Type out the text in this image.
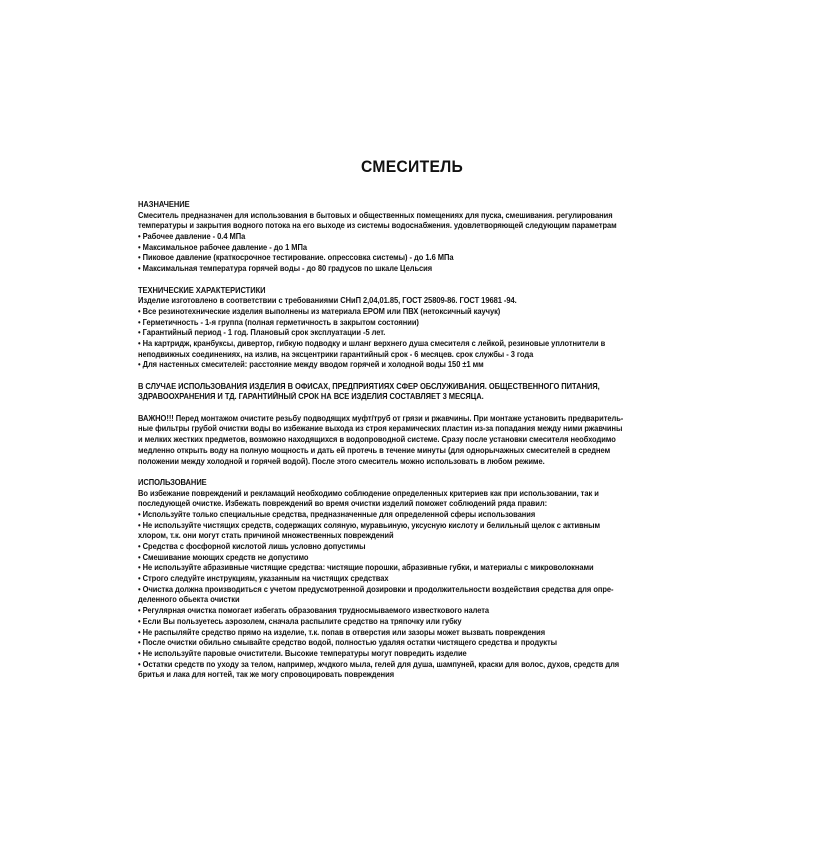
СМЕСИТЕЛЬ
НАЗНАЧЕНИЕ
Смеситель предназначен для использования в бытовых и общественных помещениях для пуска, смешивания. регулирования
температуры и закрытия водного потока на его выходе из системы водоснабжения. удовлетворяющей следующим параметрам
• Рабочее давление - 0.4 МПа
• Максимальное рабочее давление - до 1 МПа
• Пиковое давление (краткосрочное тестирование. опрессовка системы) - до 1.6 МПа
• Максимальная температура горячей воды - до 80 градусов по шкале Цельсия
ТЕХНИЧЕСКИЕ ХАРАКТЕРИСТИКИ
Изделие изготовлено в соответствии с требованиями СНиП 2,04,01.85, ГОСТ 25809-86. ГОСТ 19681 -94.
• Все резинотехнические изделия выполнены из материала EPOM или ПВХ (нетоксичный каучук)
• Герметичность - 1-я группа (полная герметичность в закрытом состоянии)
• Гарантийный период - 1 год. Плановый срок эксплуатации -5 лет.
• На картридж, кранбуксы, дивертор, гибкую подводку и шланг верхнего душа смесителя с лейкой, резиновые уплотнители в
неподвижных соединениях, на излив, на эксцентрики гарантийный срок - 6 месяцев. срок службы - 3 года
• Для настенных смесителей: расстояние между вводом горячей и холодной воды 150 ±1 мм
В СЛУЧАЕ ИСПОЛЬЗОВАНИЯ ИЗДЕЛИЯ В ОФИСАХ, ПРЕДПРИЯТИЯХ СФЕР ОБСЛУЖИВАНИЯ. ОБЩЕСТВЕННОГО ПИТАНИЯ,
ЗДРАВООХРАНЕНИЯ И ТД. ГАРАНТИЙНЫЙ СРОК НА ВСЕ ИЗДЕЛИЯ СОСТАВЛЯЕТ 3 МЕСЯЦА.
ВАЖНО!!! Перед монтажом очистите резьбу подводящих муфт/труб от грязи и ржавчины. При монтаже установить предваритель-
ные фильтры грубой очистки воды во избежание выхода из строя керамических пластин из-за попадания между ними ржавчины
и мелких жестких предметов, возможно находящихся в водопроводной системе. Сразу после установки смесителя необходимо
медленно открыть воду на полную мощность и дать ей протечь в течение минуты (для однорычажных смесителей в среднем
положении между холодной и горячей водой). После этого смеситель можно использовать в любом режиме.
ИСПОЛЬЗОВАНИЕ
Во избежание повреждений и рекламаций необходимо соблюдение определенных критериев как при использовании, так и
последующей очистке. Избежать повреждений во время очистки изделий поможет соблюдений ряда правил:
• Используйте только специальные средства, предназначенные для определенной сферы использования
• Не используйте чистящих средств, содержащих соляную, муравьиную, уксусную кислоту и белильный щелок с активным
хлором, т.к. они могут стать причиной множественных повреждений
• Средства с фосфорной кислотой лишь условно допустимы
• Смешивание моющих средств не допустимо
• Не используйте абразивные чистящие средства: чистящие порошки, абразивные губки, и материалы с микроволокнами
• Строго следуйте инструкциям, указанным на чистящих средствах
• Очистка должна производиться с учетом предусмотренной дозировки и продолжительности воздействия средства для опре-
деленного обьекта очистки
• Регулярная очистка помогает избегать образования трудносмываемого известкового налета
• Если Вы пользуетесь аэрозолем, сначала распылите средство на тряпочку или губку
• Не распыляйте средство прямо на изделие, т.к. попав в отверстия или зазоры может вызвать повреждения
• После очистки обильно смывайте средство водой, полностью удаляя остатки чистящего средства и продукты
• Не используйте паровые очистители. Высокие температуры могут повредить изделие
• Остатки средств по уходу за телом, например, жчдкого мыла, гелей для душа, шампуней, краски для волос, духов, средств для
бритья и лака для ногтей, так же могу спровоцировать повреждения
